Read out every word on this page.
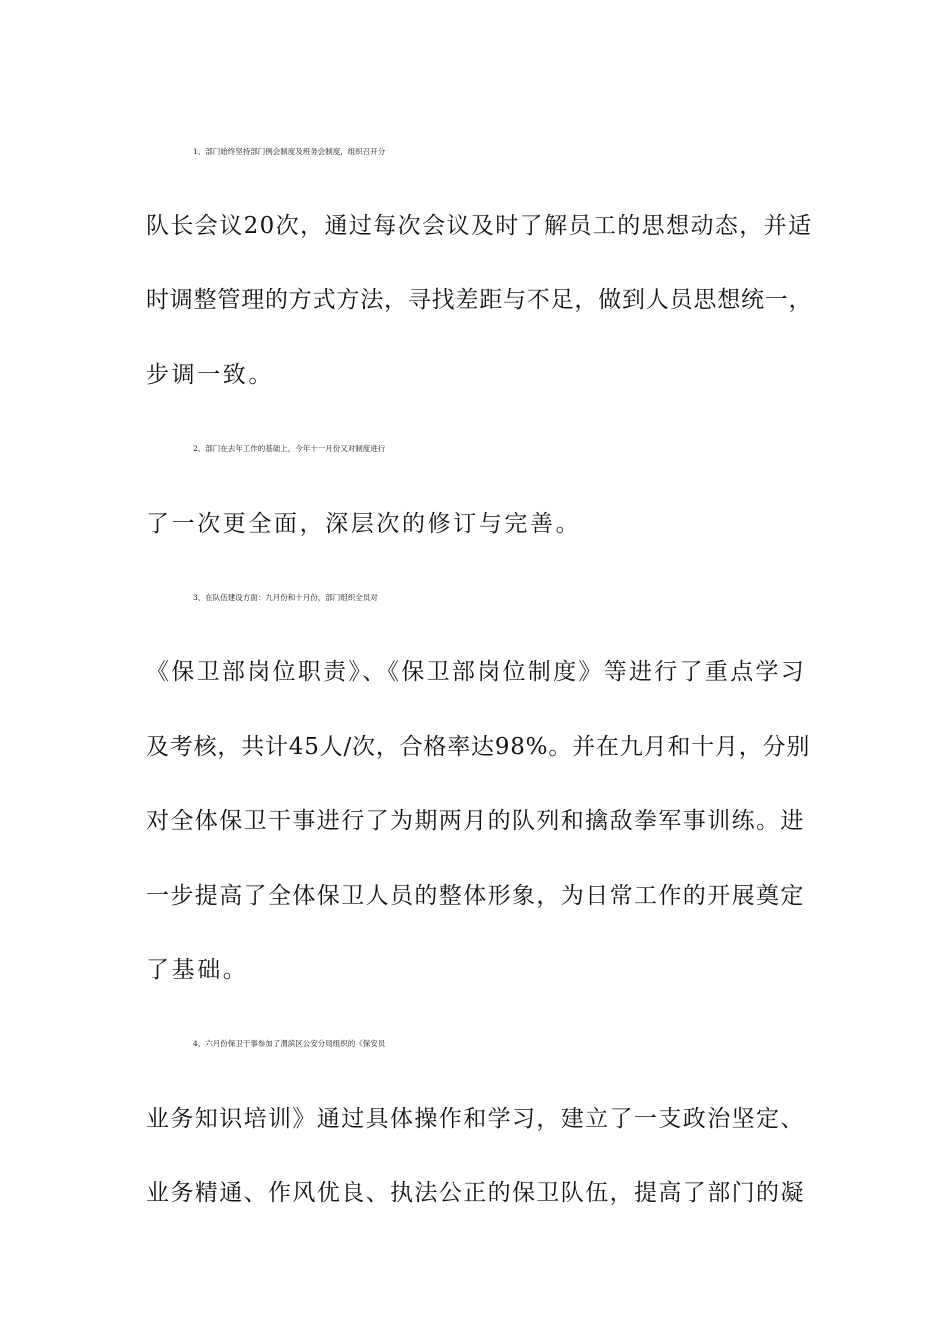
1、部门始终坚持部门例会制度及班务会制度，组织召开分
队长会议20次，通过每次会议及时了解员工的思想动态，并适
时调整管理的方式方法，寻找差距与不足，做到人员思想统一，
步调一致。
2、部门在去年工作的基础上，今年十一月份又对制度进行
了一次更全面，深层次的修订与完善。
3、在队伍建设方面：九月份和十月份，部门组织全员对
《保卫部岗位职责》、《保卫部岗位制度》等进行了重点学习
及考核，共计45人/次，合格率达98%。并在九月和十月，分别
对全体保卫干事进行了为期两月的队列和擒敌拳军事训练。进
一步提高了全体保卫人员的整体形象，为日常工作的开展奠定
了基础。
4、六月份保卫干事参加了渭滨区公安分局组织的《保安员
业务知识培训》通过具体操作和学习，建立了一支政治坚定、
业务精通、作风优良、执法公正的保卫队伍，提高了部门的凝
